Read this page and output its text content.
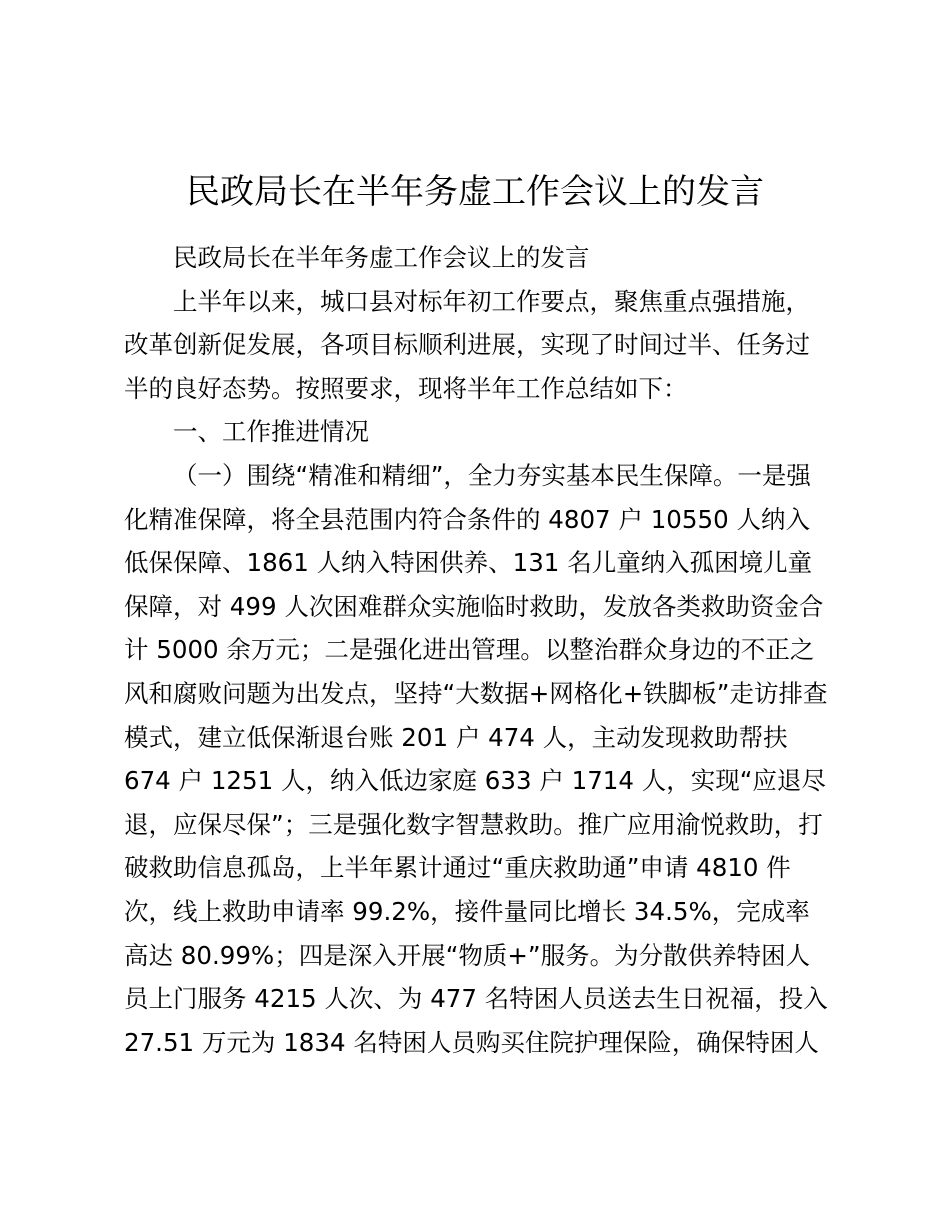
民政局长在半年务虚工作会议上的发言

民政局长在半年务虚工作会议上的发言

上半年以来，城口县对标年初工作要点，聚焦重点强措施，改革创新促发展，各项目标顺利进展，实现了时间过半、任务过半的良好态势。按照要求，现将半年工作总结如下：

一、工作推进情况

（一）围绕“精准和精细”，全力夯实基本民生保障。一是强化精准保障，将全县范围内符合条件的 4807 户 10550 人纳入低保保障、1861 人纳入特困供养、131 名儿童纳入孤困境儿童保障，对 499 人次困难群众实施临时救助，发放各类救助资金合计 5000 余万元；二是强化进出管理。以整治群众身边的不正之风和腐败问题为出发点，坚持“大数据+网格化+铁脚板”走访排查模式，建立低保渐退台账 201 户 474 人，主动发现救助帮扶 674 户 1251 人，纳入低边家庭 633 户 1714 人，实现“应退尽退，应保尽保”；三是强化数字智慧救助。推广应用渝悦救助，打破救助信息孤岛，上半年累计通过“重庆救助通”申请 4810 件次，线上救助申请率 99.2%，接件量同比增长 34.5%，完成率高达 80.99%；四是深入开展“物质+”服务。为分散供养特困人员上门服务 4215 人次、为 477 名特困人员送去生日祝福，投入 27.51 万元为 1834 名特困人员购买住院护理保险，确保特困人
